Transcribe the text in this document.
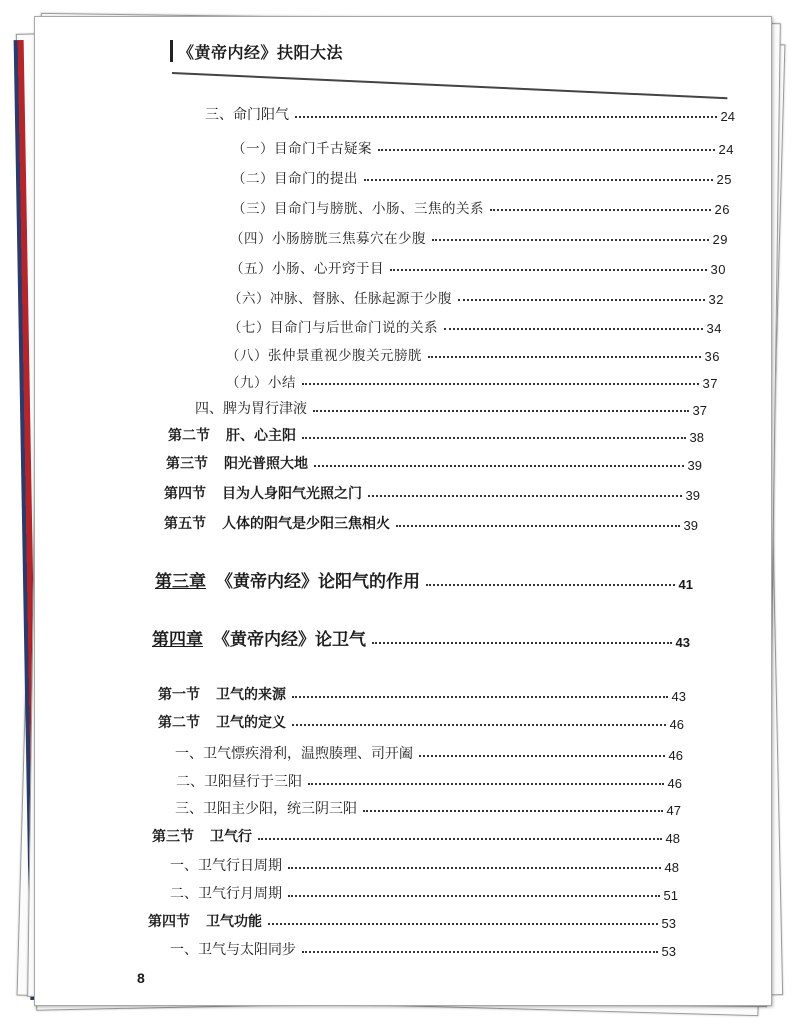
《黄帝内经》扶阳大法
三、命门阳气	24
（一）目命门千古疑案	24
（二）目命门的提出	25
（三）目命门与膀胱、小肠、三焦的关系	26
（四）小肠膀胱三焦募穴在少腹	29
（五）小肠、心开窍于目	30
（六）冲脉、督脉、任脉起源于少腹	32
（七）目命门与后世命门说的关系	34
（八）张仲景重视少腹关元膀胱	36
（九）小结	37
四、脾为胃行津液	37
第二节 肝、心主阳	38
第三节 阳光普照大地	39
第四节 目为人身阳气光照之门	39
第五节 人体的阳气是少阳三焦相火	39
第三章 《黄帝内经》论阳气的作用	41
第四章 《黄帝内经》论卫气	43
第一节 卫气的来源	43
第二节 卫气的定义	46
一、卫气慓疾滑利，温煦腠理、司开阖	46
二、卫阳昼行于三阳	46
三、卫阳主少阳，统三阴三阳	47
第三节 卫气行	48
一、卫气行日周期	48
二、卫气行月周期	51
第四节 卫气功能	53
一、卫气与太阳同步	53
8
